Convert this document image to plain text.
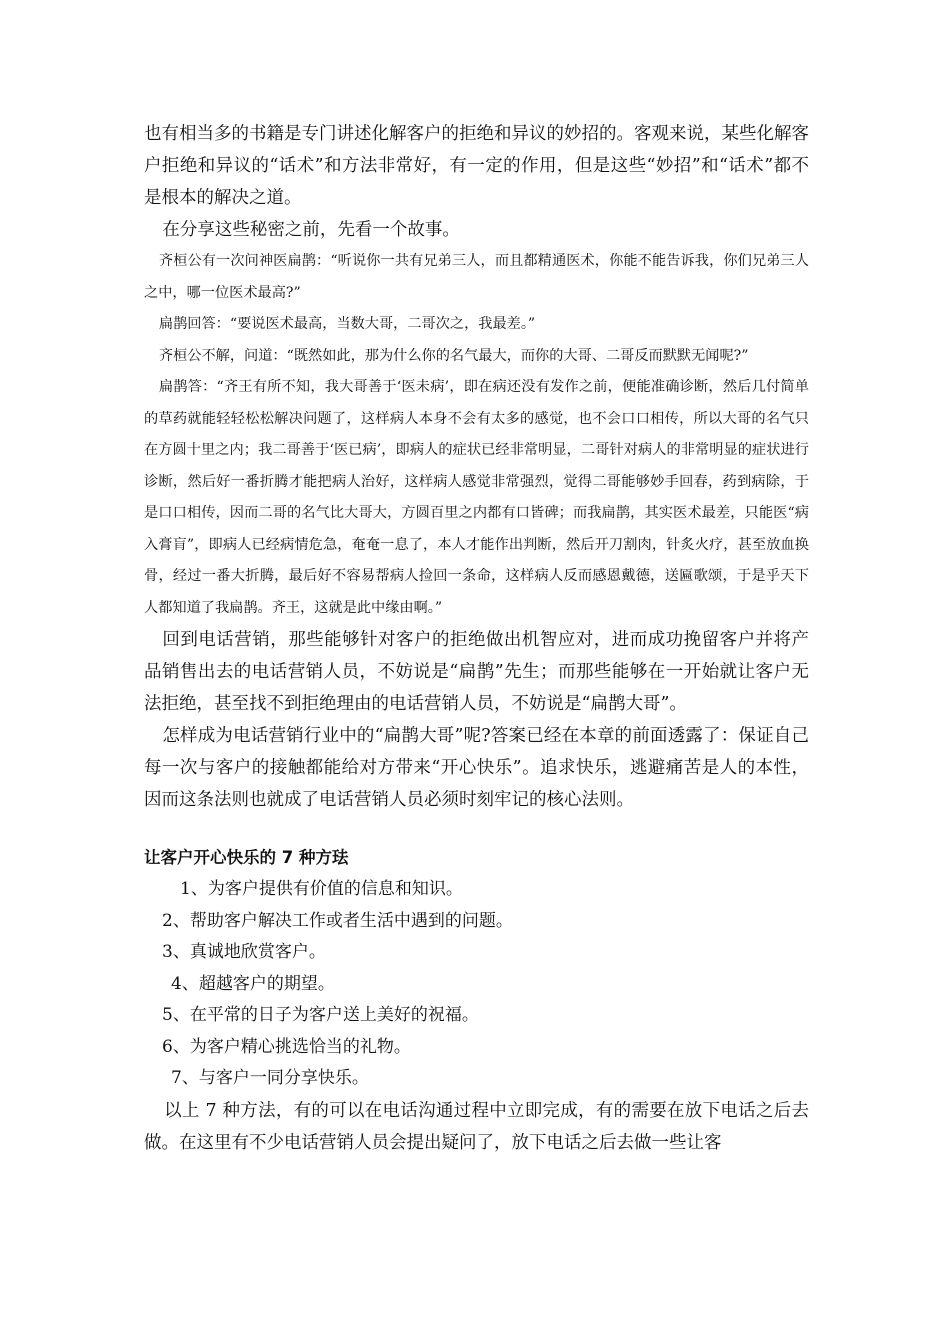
也有相当多的书籍是专门讲述化解客户的拒绝和异议的妙招的。客观来说，某些化解客户拒绝和异议的“话术”和方法非常好，有一定的作用，但是这些“妙招”和“话术”都不是根本的解决之道。

在分享这些秘密之前，先看一个故事。

齐桓公有一次问神医扁鹊：“听说你一共有兄弟三人，而且都精通医术，你能不能告诉我，你们兄弟三人之中，哪一位医术最高?”

扁鹊回答：“要说医术最高，当数大哥，二哥次之，我最差。”

齐桓公不解，问道：“既然如此，那为什么你的名气最大，而你的大哥、二哥反而默默无闻呢?”

扁鹊答：“齐王有所不知，我大哥善于‘医未病’，即在病还没有发作之前，便能准确诊断，然后几付简单的草药就能轻轻松松解决问题了，这样病人本身不会有太多的感觉，也不会口口相传，所以大哥的名气只在方圆十里之内；我二哥善于‘医已病’，即病人的症状已经非常明显，二哥针对病人的非常明显的症状进行诊断，然后好一番折腾才能把病人治好，这样病人感觉非常强烈，觉得二哥能够妙手回春，药到病除，于是口口相传，因而二哥的名气比大哥大，方圆百里之内都有口皆碑；而我扁鹊，其实医术最差，只能医“病入膏肓”，即病人已经病情危急，奄奄一息了，本人才能作出判断，然后开刀割肉，针炙火疗，甚至放血换骨，经过一番大折腾，最后好不容易帮病人捡回一条命，这样病人反而感恩戴德，送匾歌颂，于是乎天下人都知道了我扁鹊。齐王，这就是此中缘由啊。”

回到电话营销，那些能够针对客户的拒绝做出机智应对，进而成功挽留客户并将产品销售出去的电话营销人员，不妨说是“扁鹊”先生；而那些能够在一开始就让客户无法拒绝，甚至找不到拒绝理由的电话营销人员，不妨说是“扁鹊大哥”。

怎样成为电话营销行业中的“扁鹊大哥”呢?答案已经在本章的前面透露了：保证自己每一次与客户的接触都能给对方带来“开心快乐”。追求快乐，逃避痛苦是人的本性，因而这条法则也就成了电话营销人员必须时刻牢记的核心法则。

让客户开心快乐的 7 种方珐

1、为客户提供有价值的信息和知识。

2、帮助客户解决工作或者生活中遇到的问题。

3、真诚地欣赏客户。

4、超越客户的期望。

5、在平常的日子为客户送上美好的祝福。

6、为客户精心挑选恰当的礼物。

7、与客户一同分享快乐。

以上 7 种方法，有的可以在电话沟通过程中立即完成，有的需要在放下电话之后去做。在这里有不少电话营销人员会提出疑问了，放下电话之后去做一些让客
